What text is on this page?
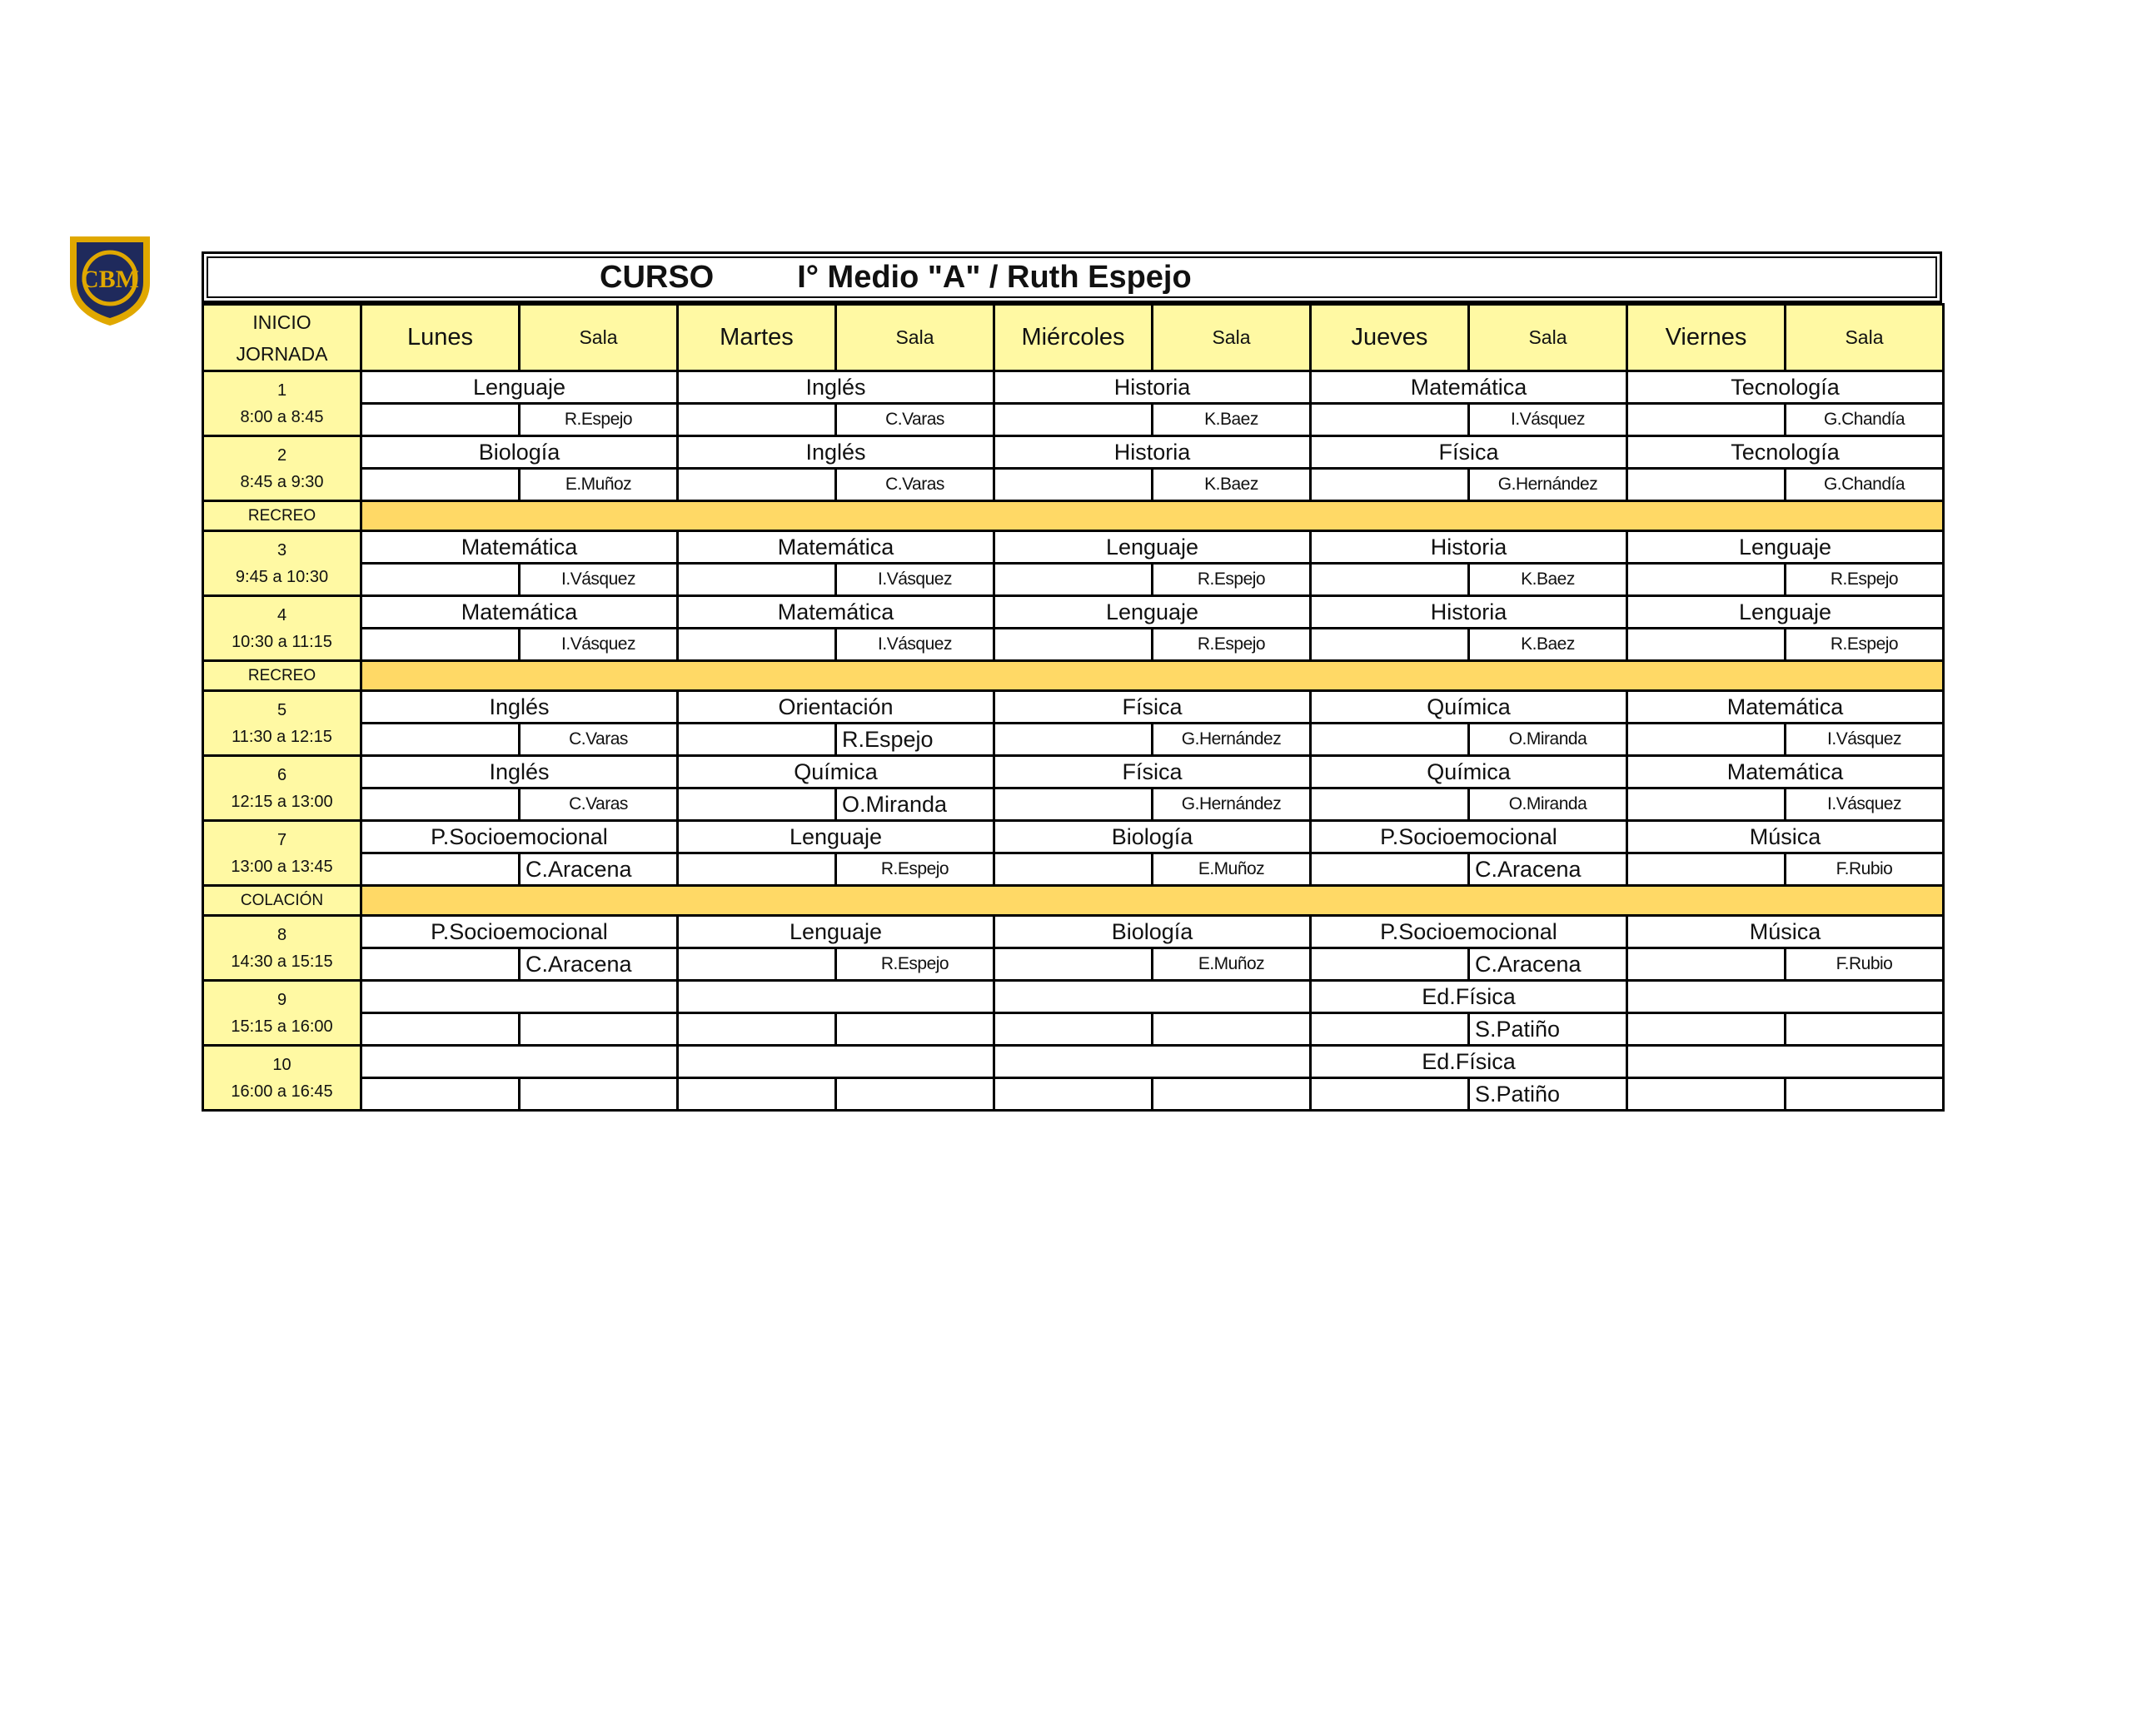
CBM	CURSO	I° Medio "A" / Ruth Espejo
INICIO
JORNADA	Lunes	Sala	Martes	Sala	Miércoles	Sala	Jueves	Sala	Viernes	Sala

1
8:00 a 8:45	Lenguaje		Inglés		Historia		Matemática		Tecnología	
		R.Espejo		C.Varas		K.Baez		I.Vásquez		G.Chandía

2
8:45 a 9:30	Biología		Inglés		Historia		Física		Tecnología	
		E.Muñoz		C.Varas		K.Baez		G.Hernández		G.Chandía
RECREO										

3
9:45 a 10:30	Matemática		Matemática		Lenguaje		Historia		Lenguaje	
		I.Vásquez		I.Vásquez		R.Espejo		K.Baez		R.Espejo

4
10:30 a 11:15	Matemática		Matemática		Lenguaje		Historia		Lenguaje	
		I.Vásquez		I.Vásquez		R.Espejo		K.Baez		R.Espejo
RECREO										

5
11:30 a 12:15	Inglés		Orientación		Física		Química		Matemática	
		C.Varas		R.Espejo		G.Hernández		O.Miranda		I.Vásquez

6
12:15 a 13:00	Inglés		Química		Física		Química		Matemática	
		C.Varas		O.Miranda		G.Hernández		O.Miranda		I.Vásquez

7
13:00 a 13:45	P.Socioemocional		Lenguaje		Biología		P.Socioemocional		Música	
		C.Aracena		R.Espejo		E.Muñoz		C.Aracena		F.Rubio
COLACIÓN										

8
14:30 a 15:15	P.Socioemocional		Lenguaje		Biología		P.Socioemocional		Música	
		C.Aracena		R.Espejo		E.Muñoz		C.Aracena		F.Rubio

9
15:15 a 16:00							Ed.Física			
								S.Patiño		

10
16:00 a 16:45							Ed.Física			
								S.Patiño		
